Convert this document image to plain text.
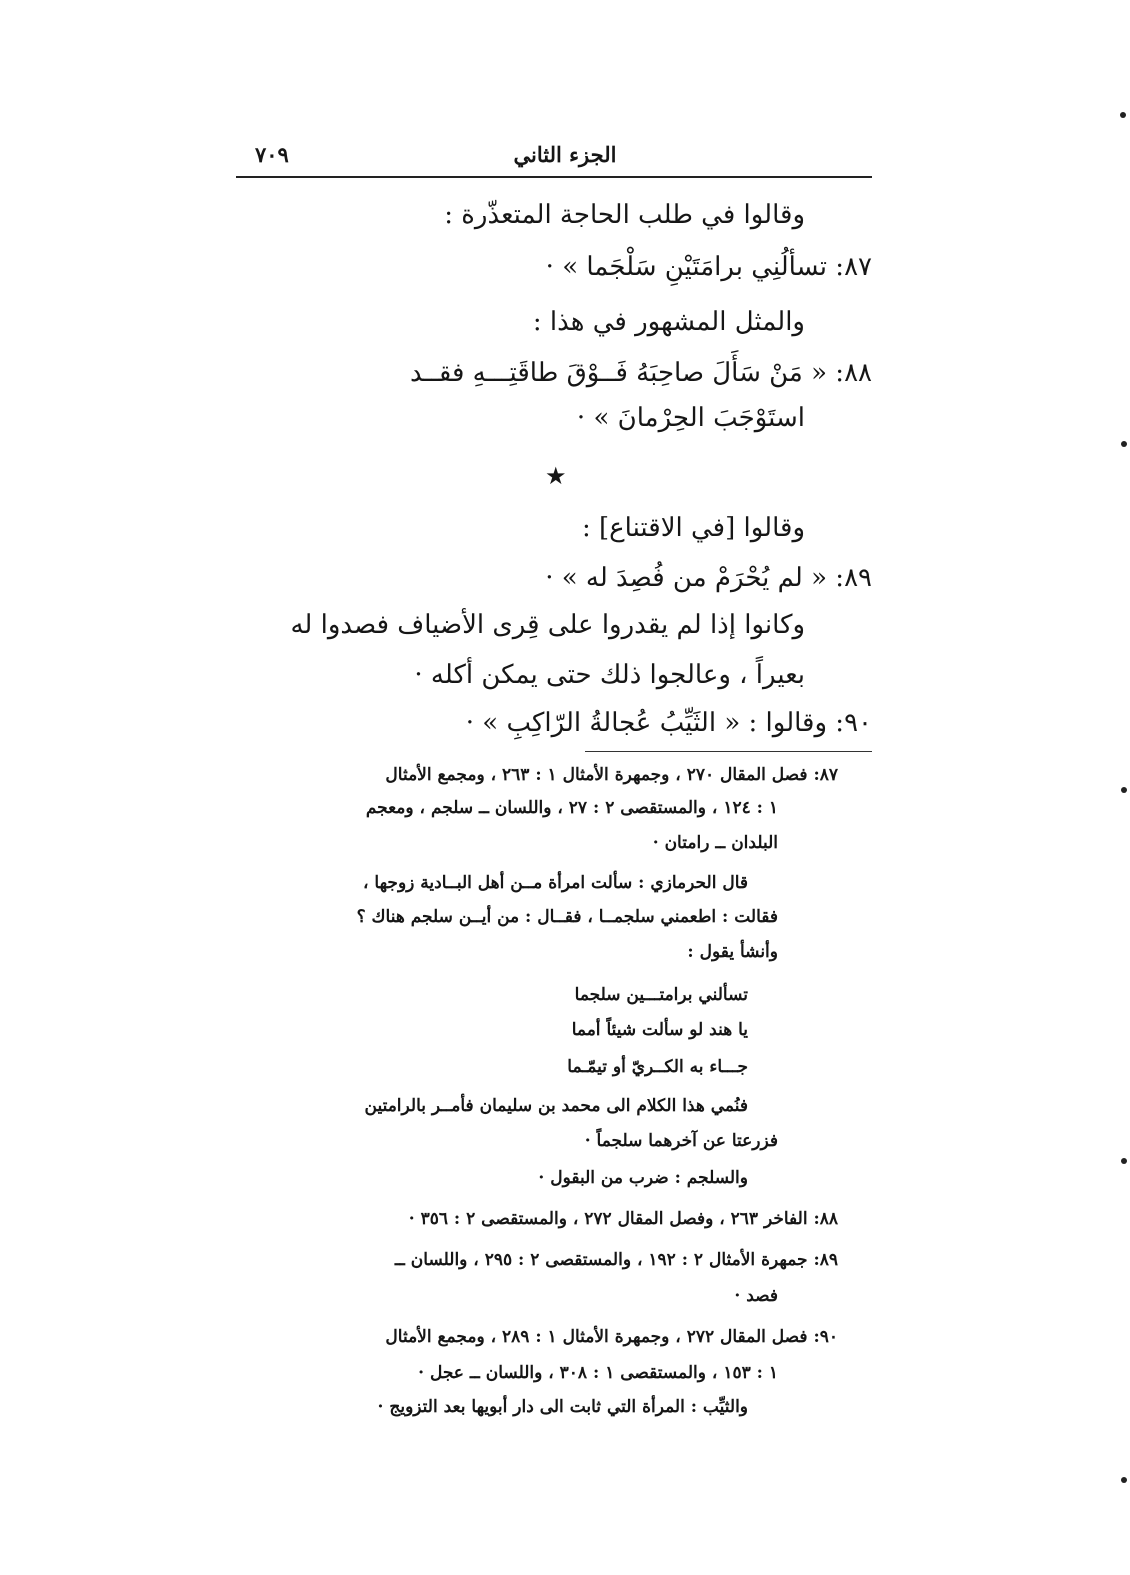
الجزء الثاني
٧٠٩
وقالوا في طلب الحاجة المتعذّرة :
٨٧: تسألُنِي برامَتَيْنِ سَلْجَما » ·
والمثل المشهور في هذا :
٨٨: « مَنْ سَأَلَ صاحِبَهُ فَــوْقَ طاقَتِـــهِ فقــد
استَوْجَبَ الحِرْمانَ » ·
★
وقالوا [في الاقتناع] :
٨٩: « لم يُحْرَمْ من فُصِدَ له » ·
وكانوا إذا لم يقدروا على قِرى الأضياف فصدوا له
بعيراً ، وعالجوا ذلك حتى يمكن أكله ·
٩٠: وقالوا : « الثَيِّبُ عُجالةُ الرّاكِبِ » ·
٨٧: فصل المقال ٢٧٠ ، وجمهرة الأمثال ١ : ٢٦٣ ، ومجمع الأمثال
١ : ١٢٤ ، والمستقصى ٢ : ٢٧ ، واللسان ــ سلجم ، ومعجم
البلدان ــ رامتان ·
قال الحرمازي : سألت امرأة مــن أهل البــادية زوجها ،
فقالت : اطعمني سلجمــا ، فقــال : من أيــن سلجم هناك ؟
وأنشأ يقول :
تسألني برامتـــين سلجما
يا هند لو سألت شيئاً أمما
جـــاء به الكــريّ أو تيمّـما
فنُمي هذا الكلام الى محمد بن سليمان فأمــر بالرامتين
فزرعتا عن آخرهما سلجماً ·
والسلجم : ضرب من البقول ·
٨٨: الفاخر ٢٦٣ ، وفصل المقال ٢٧٢ ، والمستقصى ٢ : ٣٥٦ ·
٨٩: جمهرة الأمثال ٢ : ١٩٢ ، والمستقصى ٢ : ٢٩٥ ، واللسان ــ
فصد ·
٩٠: فصل المقال ٢٧٢ ، وجمهرة الأمثال ١ : ٢٨٩ ، ومجمع الأمثال
١ : ١٥٣ ، والمستقصى ١ : ٣٠٨ ، واللسان ــ عجل ·
والثيِّب : المرأة التي ثابت الى دار أبويها بعد التزويج ·
